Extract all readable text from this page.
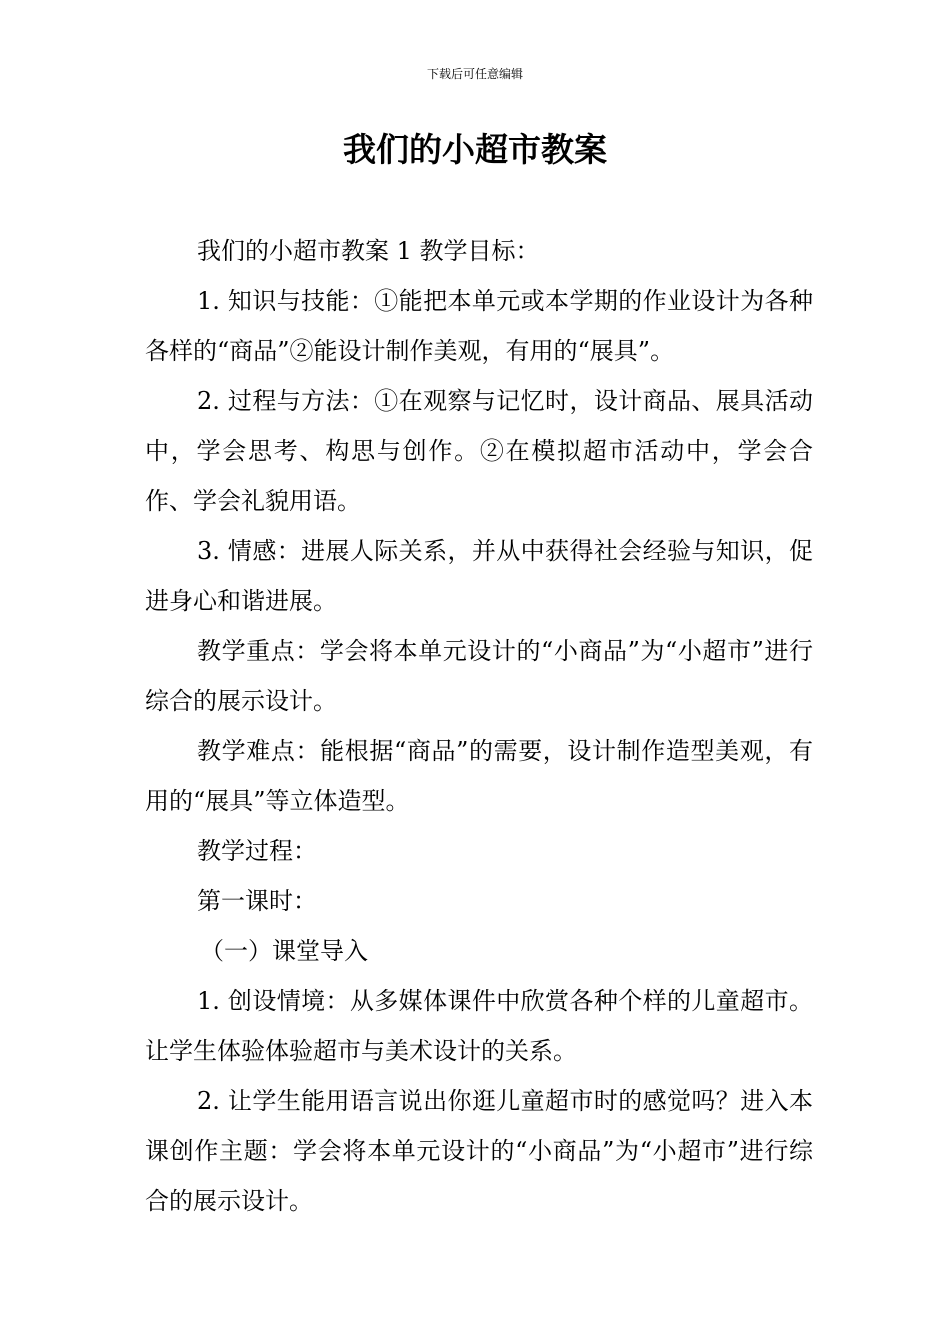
下载后可任意编辑
我们的小超市教案

我们的小超市教案 1 教学目标：

1. 知识与技能：①能把本单元或本学期的作业设计为各种各样的“商品”②能设计制作美观，有用的“展具”。

2. 过程与方法：①在观察与记忆时，设计商品、展具活动中，学会思考、构思与创作。②在模拟超市活动中，学会合作、学会礼貌用语。

3. 情感：进展人际关系，并从中获得社会经验与知识，促进身心和谐进展。

教学重点：学会将本单元设计的“小商品”为“小超市”进行综合的展示设计。

教学难点：能根据“商品”的需要，设计制作造型美观，有用的“展具”等立体造型。

教学过程：

第一课时：

（一）课堂导入

1. 创设情境：从多媒体课件中欣赏各种个样的儿童超市。让学生体验体验超市与美术设计的关系。

2. 让学生能用语言说出你逛儿童超市时的感觉吗？进入本课创作主题：学会将本单元设计的“小商品”为“小超市”进行综合的展示设计。
